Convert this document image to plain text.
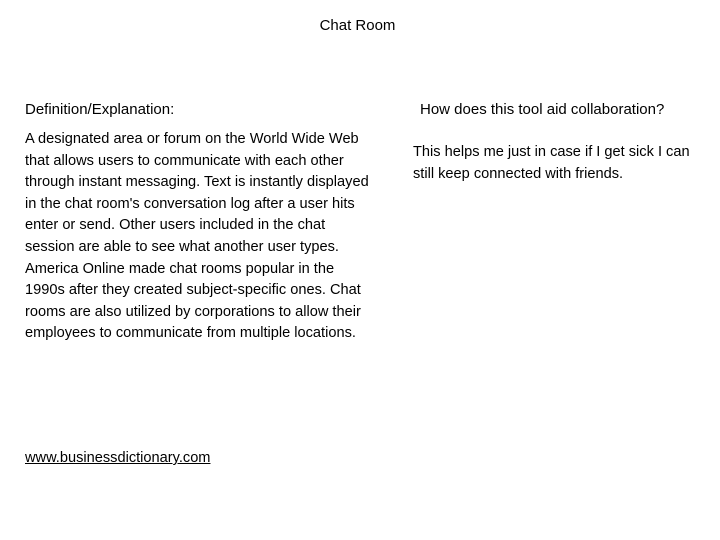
Chat Room
Definition/Explanation:
A designated area or forum on the World Wide Web that allows users to communicate with each other through instant messaging. Text is instantly displayed in the chat room's conversation log after a user hits enter or send. Other users included in the chat session are able to see what another user types. America Online made chat rooms popular in the 1990s after they created subject-specific ones. Chat rooms are also utilized by corporations to allow their employees to communicate from multiple locations.
www.businessdictionary.com
How does this tool aid collaboration?
This helps me just in case if I get sick I can still keep connected with friends.
